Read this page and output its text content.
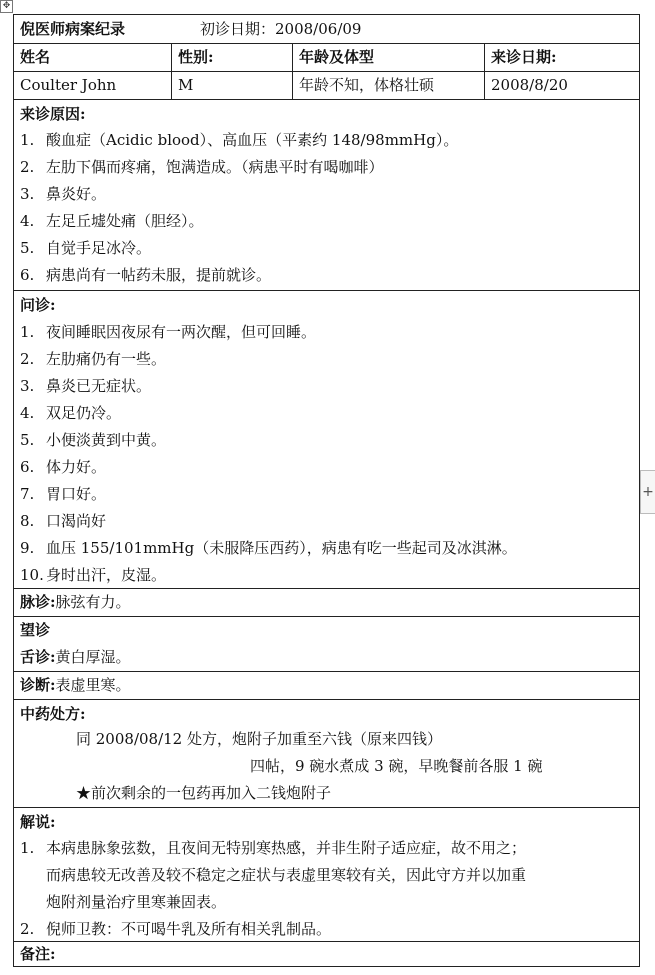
✥
倪医师病案纪录	初诊日期：2008/06/09
姓名	性别:	年龄及体型	来诊日期:
Coulter John	M	年龄不知，体格壮硕	2008/8/20
来诊原因:
1. 酸血症（Acidic blood）、高血压（平素约 148/98mmHg）。
2. 左肋下偶而疼痛，饱满造成。（病患平时有喝咖啡）
3. 鼻炎好。
4. 左足丘墟处痛（胆经）。
5. 自觉手足冰冷。
6. 病患尚有一帖药未服，提前就诊。
问诊:
1. 夜间睡眠因夜尿有一两次醒，但可回睡。
2. 左肋痛仍有一些。
3. 鼻炎已无症状。
4. 双足仍冷。
5. 小便淡黄到中黄。
6. 体力好。
7. 胃口好。
8. 口渴尚好
9. 血压 155/101mmHg（未服降压西药），病患有吃一些起司及冰淇淋。
10. 身时出汗，皮湿。
脉诊:脉弦有力。
望诊
舌诊:黄白厚湿。
诊断:表虚里寒。
中药处方:
同 2008/08/12 处方，炮附子加重至六钱（原来四钱）
四帖，9 碗水煮成 3 碗，早晚餐前各服 1 碗
★前次剩余的一包药再加入二钱炮附子
解说:
1. 本病患脉象弦数，且夜间无特别寒热感，并非生附子适应症，故不用之；
而病患较无改善及较不稳定之症状与表虚里寒较有关，因此守方并以加重
炮附剂量治疗里寒兼固表。
2. 倪师卫教：不可喝牛乳及所有相关乳制品。
备注:
+
